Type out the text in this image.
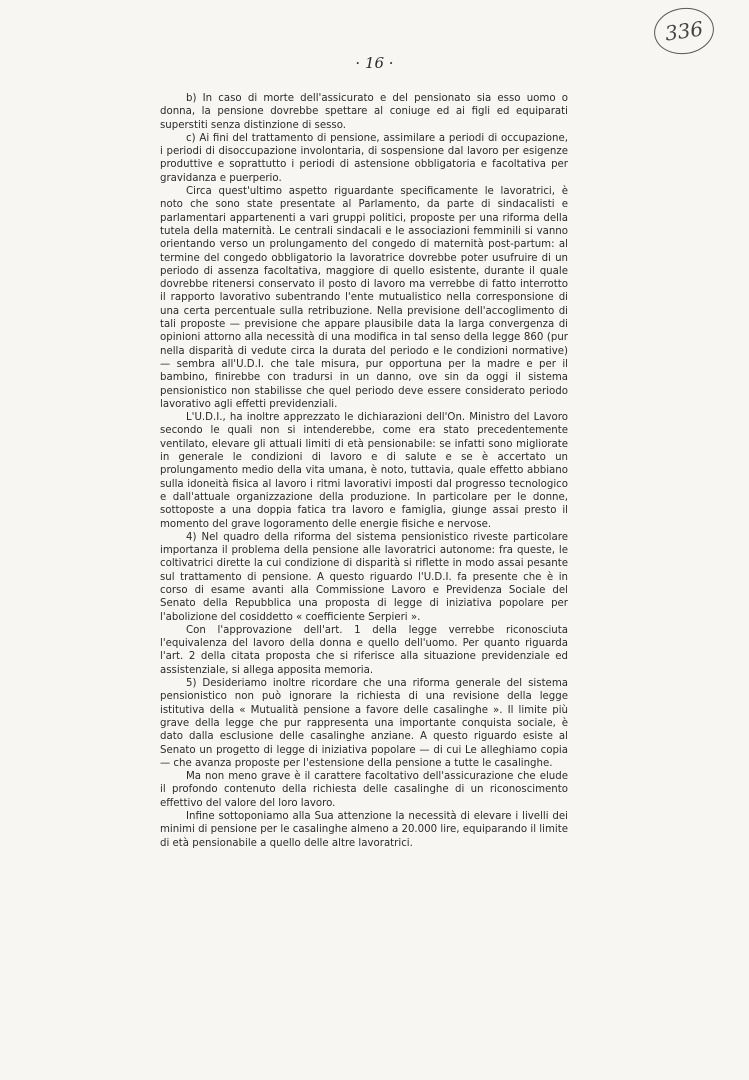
336
· 16 ·

b) In caso di morte dell'assicurato e del pensionato sia esso uomo o donna, la pensione dovrebbe spettare al coniuge ed ai figli ed equiparati superstiti senza distinzione di sesso.

c) Ai fini del trattamento di pensione, assimilare a periodi di occupazione, i periodi di disoccupazione involontaria, di sospensione dal lavoro per esigenze produttive e soprattutto i periodi di astensione obbligatoria e facoltativa per gravidanza e puerperio.

Circa quest'ultimo aspetto riguardante specificamente le lavoratrici, è noto che sono state presentate al Parlamento, da parte di sindacalisti e parlamentari appartenenti a vari gruppi politici, proposte per una riforma della tutela della maternità. Le centrali sindacali e le associazioni femminili si vanno orientando verso un prolungamento del congedo di maternità post-partum: al termine del congedo obbligatorio la lavoratrice dovrebbe poter usufruire di un periodo di assenza facoltativa, maggiore di quello esistente, durante il quale dovrebbe ritenersi conservato il posto di lavoro ma verrebbe di fatto interrotto il rapporto lavorativo subentrando l'ente mutualistico nella corresponsione di una certa percentuale sulla retribuzione. Nella previsione dell'accoglimento di tali proposte — previsione che appare plausibile data la larga convergenza di opinioni attorno alla necessità di una modifica in tal senso della legge 860 (pur nella disparità di vedute circa la durata del periodo e le condizioni normative) — sembra all'U.D.I. che tale misura, pur opportuna per la madre e per il bambino, finirebbe con tradursi in un danno, ove sin da oggi il sistema pensionistico non stabilisse che quel periodo deve essere considerato periodo lavorativo agli effetti previdenziali.

L'U.D.I., ha inoltre apprezzato le dichiarazioni dell'On. Ministro del Lavoro secondo le quali non si intenderebbe, come era stato precedentemente ventilato, elevare gli attuali limiti di età pensionabile: se infatti sono migliorate in generale le condizioni di lavoro e di salute e se è accertato un prolungamento medio della vita umana, è noto, tuttavia, quale effetto abbiano sulla idoneità fisica al lavoro i ritmi lavorativi imposti dal progresso tecnologico e dall'attuale organizzazione della produzione. In particolare per le donne, sottoposte a una doppia fatica tra lavoro e famiglia, giunge assai presto il momento del grave logoramento delle energie fisiche e nervose.

4) Nel quadro della riforma del sistema pensionistico riveste particolare importanza il problema della pensione alle lavoratrici autonome: fra queste, le coltivatrici dirette la cui condizione di disparità si riflette in modo assai pesante sul trattamento di pensione. A questo riguardo l'U.D.I. fa presente che è in corso di esame avanti alla Commissione Lavoro e Previdenza Sociale del Senato della Repubblica una proposta di legge di iniziativa popolare per l'abolizione del cosiddetto « coefficiente Serpieri ».

Con l'approvazione dell'art. 1 della legge verrebbe riconosciuta l'equivalenza del lavoro della donna e quello dell'uomo. Per quanto riguarda l'art. 2 della citata proposta che si riferisce alla situazione previdenziale ed assistenziale, si allega apposita memoria.

5) Desideriamo inoltre ricordare che una riforma generale del sistema pensionistico non può ignorare la richiesta di una revisione della legge istitutiva della « Mutualità pensione a favore delle casalinghe ». Il limite più grave della legge che pur rappresenta una importante conquista sociale, è dato dalla esclusione delle casalinghe anziane. A questo riguardo esiste al Senato un progetto di legge di iniziativa popolare — di cui Le alleghiamo copia — che avanza proposte per l'estensione della pensione a tutte le casalinghe.

Ma non meno grave è il carattere facoltativo dell'assicurazione che elude il profondo contenuto della richiesta delle casalinghe di un riconoscimento effettivo del valore del loro lavoro.

Infine sottoponiamo alla Sua attenzione la necessità di elevare i livelli dei minimi di pensione per le casalinghe almeno a 20.000 lire, equiparando il limite di età pensionabile a quello delle altre lavoratrici.
